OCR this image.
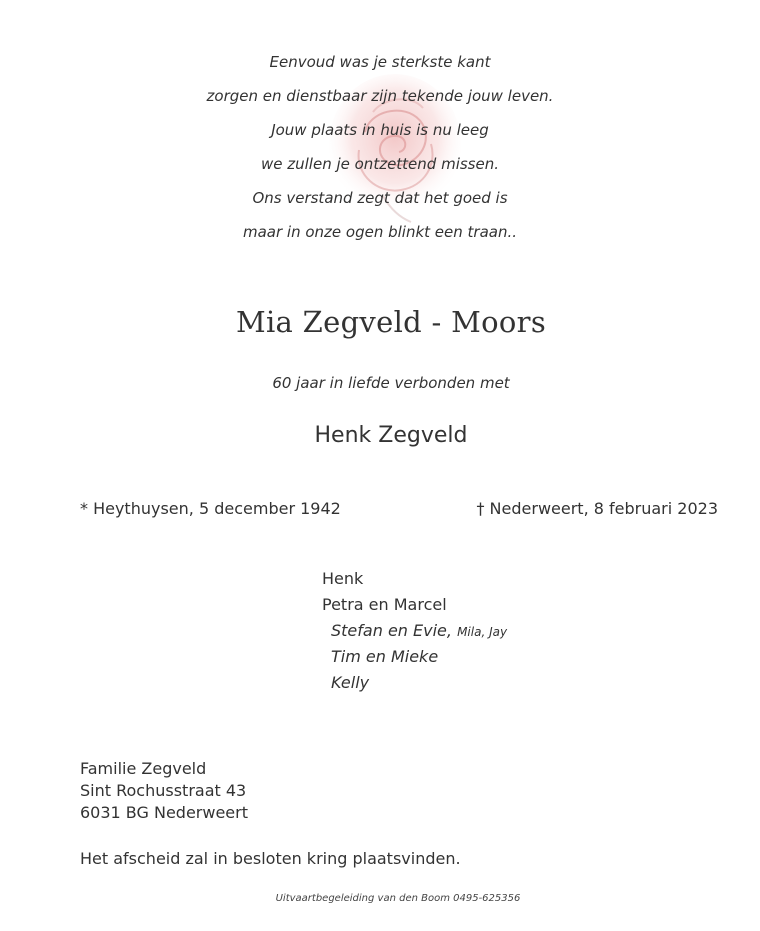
Eenvoud was je sterkste kant
zorgen en dienstbaar zijn tekende jouw leven.
Jouw plaats in huis is nu leeg
we zullen je ontzettend missen.
Ons verstand zegt dat het goed is
maar in onze ogen blinkt een traan..
Mia Zegveld - Moors
60 jaar in liefde verbonden met
Henk Zegveld
* Heythuysen, 5 december 1942	† Nederweert, 8 februari 2023
Henk
Petra en Marcel
Stefan en Evie, Mila, Jay
Tim en Mieke
Kelly
Familie Zegveld
Sint Rochusstraat 43
6031 BG Nederweert
Het afscheid zal in besloten kring plaatsvinden.
Uitvaartbegeleiding van den Boom 0495-625356
